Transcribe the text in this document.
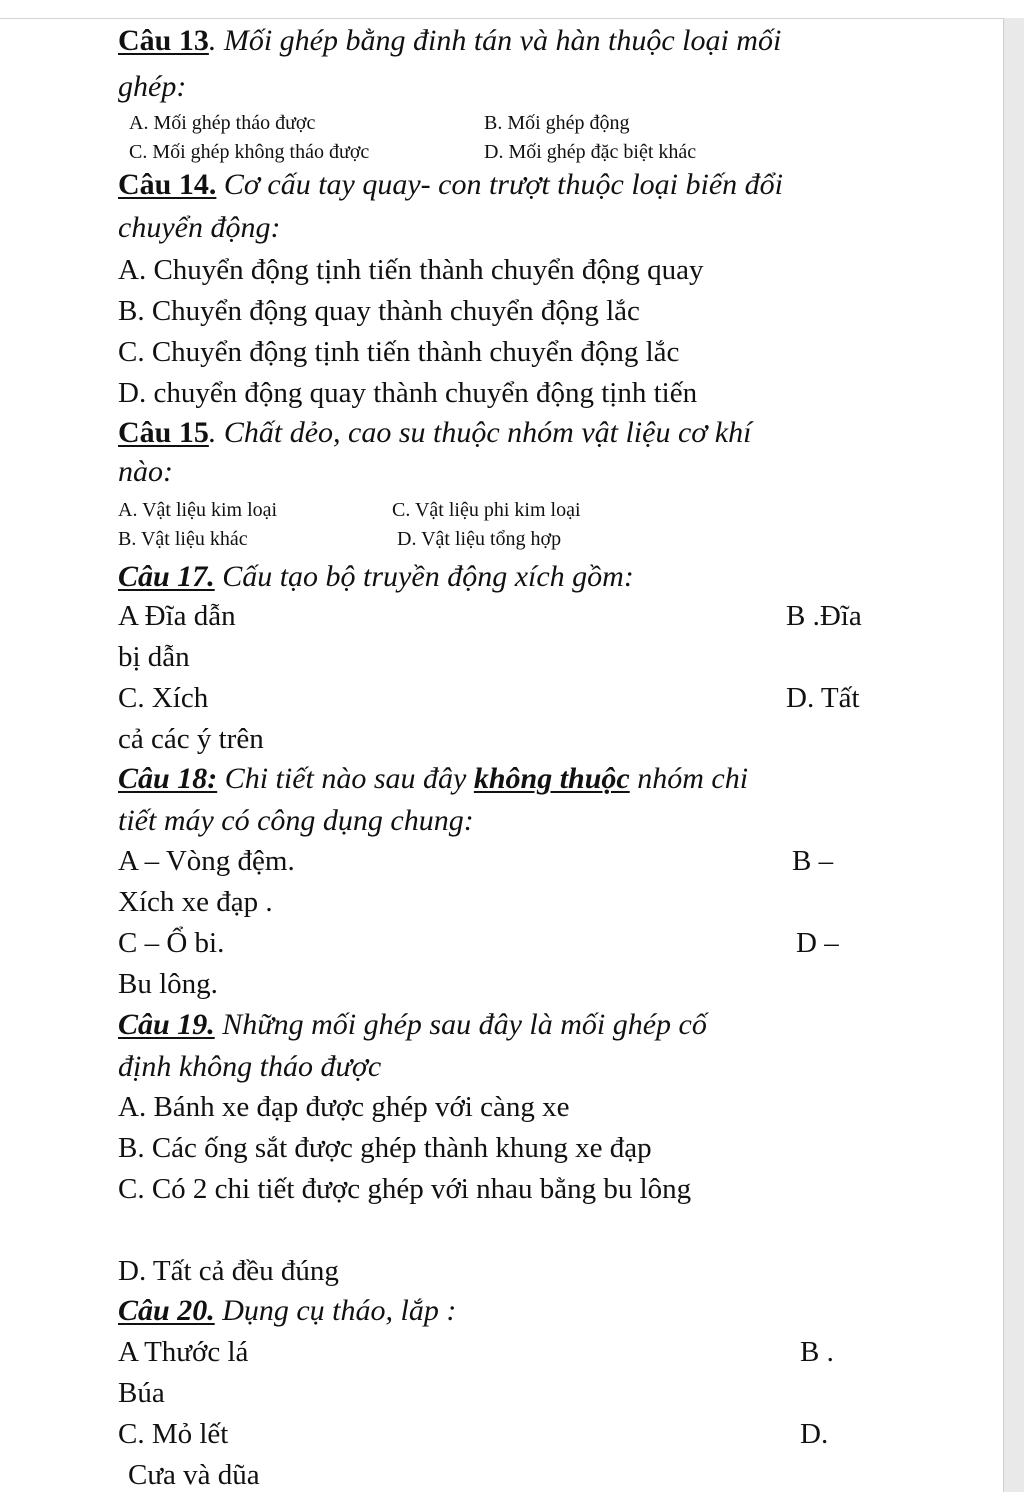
Câu 13. Mối ghép bằng đinh tán và hàn thuộc loại mối
ghép:
A. Mối ghép tháo được	B. Mối ghép động
C. Mối ghép không tháo được	D. Mối ghép đặc biệt khác
Câu 14. Cơ cấu tay quay- con trượt thuộc loại biến đổi
chuyển động:
A. Chuyển động tịnh tiến thành chuyển động quay
B. Chuyển động quay thành chuyển động lắc
C. Chuyển động tịnh tiến thành chuyển động lắc
D. chuyển động quay thành chuyển động tịnh tiến
Câu 15. Chất dẻo, cao su thuộc nhóm vật liệu cơ khí
nào:
A. Vật liệu kim loại	C. Vật liệu phi kim loại
B. Vật liệu khác	D. Vật liệu tổng hợp
Câu 17. Cấu tạo bộ truyền động xích gồm:
A Đĩa dẫn	B .Đĩa
bị dẫn
C. Xích	D. Tất
cả các ý trên
Câu 18: Chi tiết nào sau đây không thuộc nhóm chi
tiết máy có công dụng chung:
A – Vòng đệm.	B –
Xích xe đạp .
C – Ổ bi.	D –
Bu lông.
Câu 19. Những mối ghép sau đây là mối ghép cố
định không tháo được
A. Bánh xe đạp được ghép với càng xe
B. Các ống sắt được ghép thành khung xe đạp
C. Có 2 chi tiết được ghép với nhau bằng bu lông
D. Tất cả đều đúng
Câu 20. Dụng cụ tháo, lắp :
A Thước lá	B .
Búa
C. Mỏ lết	D.
Cưa và dũa
